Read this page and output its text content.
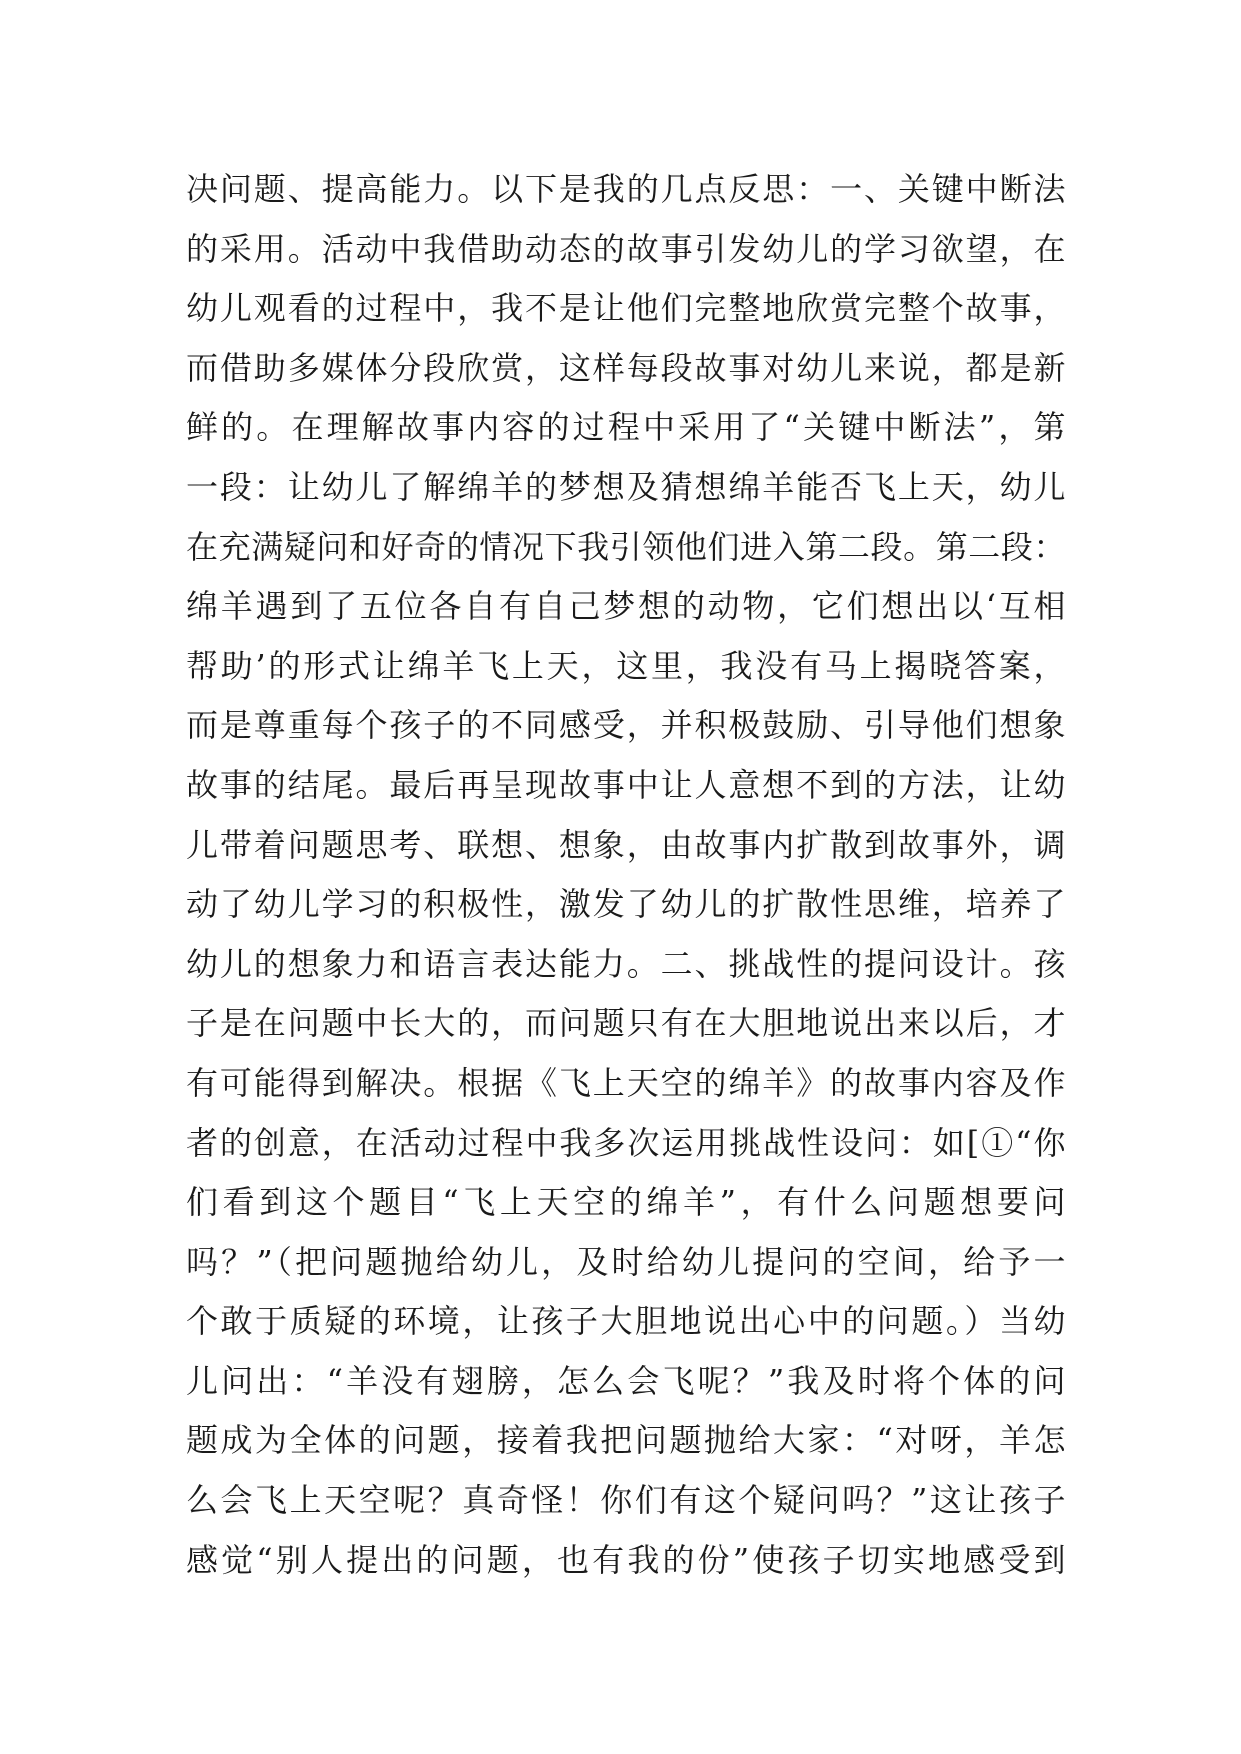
决问题、提高能力。以下是我的几点反思：一、关键中断法
的采用。活动中我借助动态的故事引发幼儿的学习欲望，在
幼儿观看的过程中，我不是让他们完整地欣赏完整个故事，
而借助多媒体分段欣赏，这样每段故事对幼儿来说，都是新
鲜的。在理解故事内容的过程中采用了“关键中断法”，第
一段：让幼儿了解绵羊的梦想及猜想绵羊能否飞上天，幼儿
在充满疑问和好奇的情况下我引领他们进入第二段。第二段：
绵羊遇到了五位各自有自己梦想的动物，它们想出以‘互相
帮助’的形式让绵羊飞上天，这里，我没有马上揭晓答案，
而是尊重每个孩子的不同感受，并积极鼓励、引导他们想象
故事的结尾。最后再呈现故事中让人意想不到的方法，让幼
儿带着问题思考、联想、想象，由故事内扩散到故事外，调
动了幼儿学习的积极性，激发了幼儿的扩散性思维，培养了
幼儿的想象力和语言表达能力。二、挑战性的提问设计。孩
子是在问题中长大的，而问题只有在大胆地说出来以后，才
有可能得到解决。根据《飞上天空的绵羊》的故事内容及作
者的创意，在活动过程中我多次运用挑战性设问：如[①“你
们看到这个题目“飞上天空的绵羊”，有什么问题想要问
吗？”（把问题抛给幼儿，及时给幼儿提问的空间，给予一
个敢于质疑的环境，让孩子大胆地说出心中的问题。）当幼
儿问出：“羊没有翅膀，怎么会飞呢？”我及时将个体的问
题成为全体的问题，接着我把问题抛给大家：“对呀，羊怎
么会飞上天空呢？真奇怪！你们有这个疑问吗？”这让孩子
感觉“别人提出的问题，也有我的份”使孩子切实地感受到
